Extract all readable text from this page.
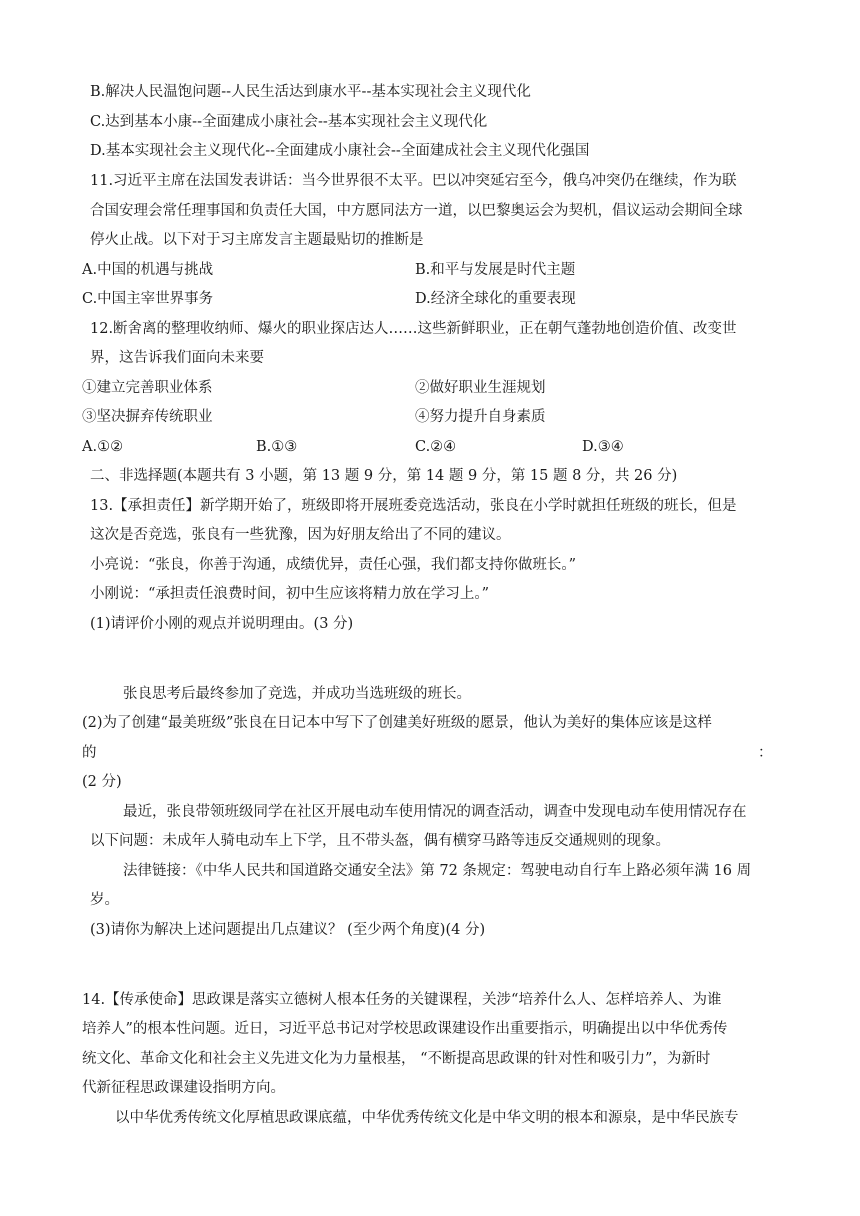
B.解决人民温饱问题--人民生活达到康水平--基本实现社会主义现代化
C.达到基本小康--全面建成小康社会--基本实现社会主义现代化
D.基本实现社会主义现代化--全面建成小康社会--全面建成社会主义现代化强国
11.习近平主席在法国发表讲话：当今世界很不太平。巴以冲突延宕至今，俄乌冲突仍在继续，作为联
合国安理会常任理事国和负责任大国，中方愿同法方一道，以巴黎奥运会为契机，倡议运动会期间全球
停火止战。以下对于习主席发言主题最贴切的推断是
A.中国的机遇与挑战	B.和平与发展是时代主题
C.中国主宰世界事务	D.经济全球化的重要表现
12.断舍离的整理收纳师、爆火的职业探店达人……这些新鲜职业，正在朝气蓬勃地创造价值、改变世
界，这告诉我们面向未来要
①建立完善职业体系	②做好职业生涯规划
③坚决摒弃传统职业	④努力提升自身素质
A.①②	B.①③	C.②④	D.③④
二、非选择题(本题共有 3 小题，第 13 题 9 分，第 14 题 9 分，第 15 题 8 分，共 26 分)
13.【承担责任】新学期开始了，班级即将开展班委竞选活动，张良在小学时就担任班级的班长，但是
这次是否竞选，张良有一些犹豫，因为好朋友给出了不同的建议。
小亮说：“张良，你善于沟通，成绩优异，责任心强，我们都支持你做班长。”
小刚说：“承担责任浪费时间，初中生应该将精力放在学习上。”
(1)请评价小刚的观点并说明理由。(3 分)
张良思考后最终参加了竞选，并成功当选班级的班长。
(2)为了创建“最美班级”张良在日记本中写下了创建美好班级的愿景，他认为美好的集体应该是这样
的	：
(2 分)
最近，张良带领班级同学在社区开展电动车使用情况的调查活动，调查中发现电动车使用情况存在
以下问题：未成年人骑电动车上下学，且不带头盔，偶有横穿马路等违反交通规则的现象。
法律链接：《中华人民共和国道路交通安全法》第 72 条规定：驾驶电动自行车上路必须年满 16 周
岁。
(3)请你为解决上述问题提出几点建议？ (至少两个角度)(4 分)
14.【传承使命】思政课是落实立德树人根本任务的关键课程，关涉“培养什么人、怎样培养人、为谁
培养人”的根本性问题。近日，习近平总书记对学校思政课建设作出重要指示，明确提出以中华优秀传
统文化、革命文化和社会主义先进文化为力量根基， “不断提高思政课的针对性和吸引力”，为新时
代新征程思政课建设指明方向。
以中华优秀传统文化厚植思政课底蕴，中华优秀传统文化是中华文明的根本和源泉，是中华民族专
